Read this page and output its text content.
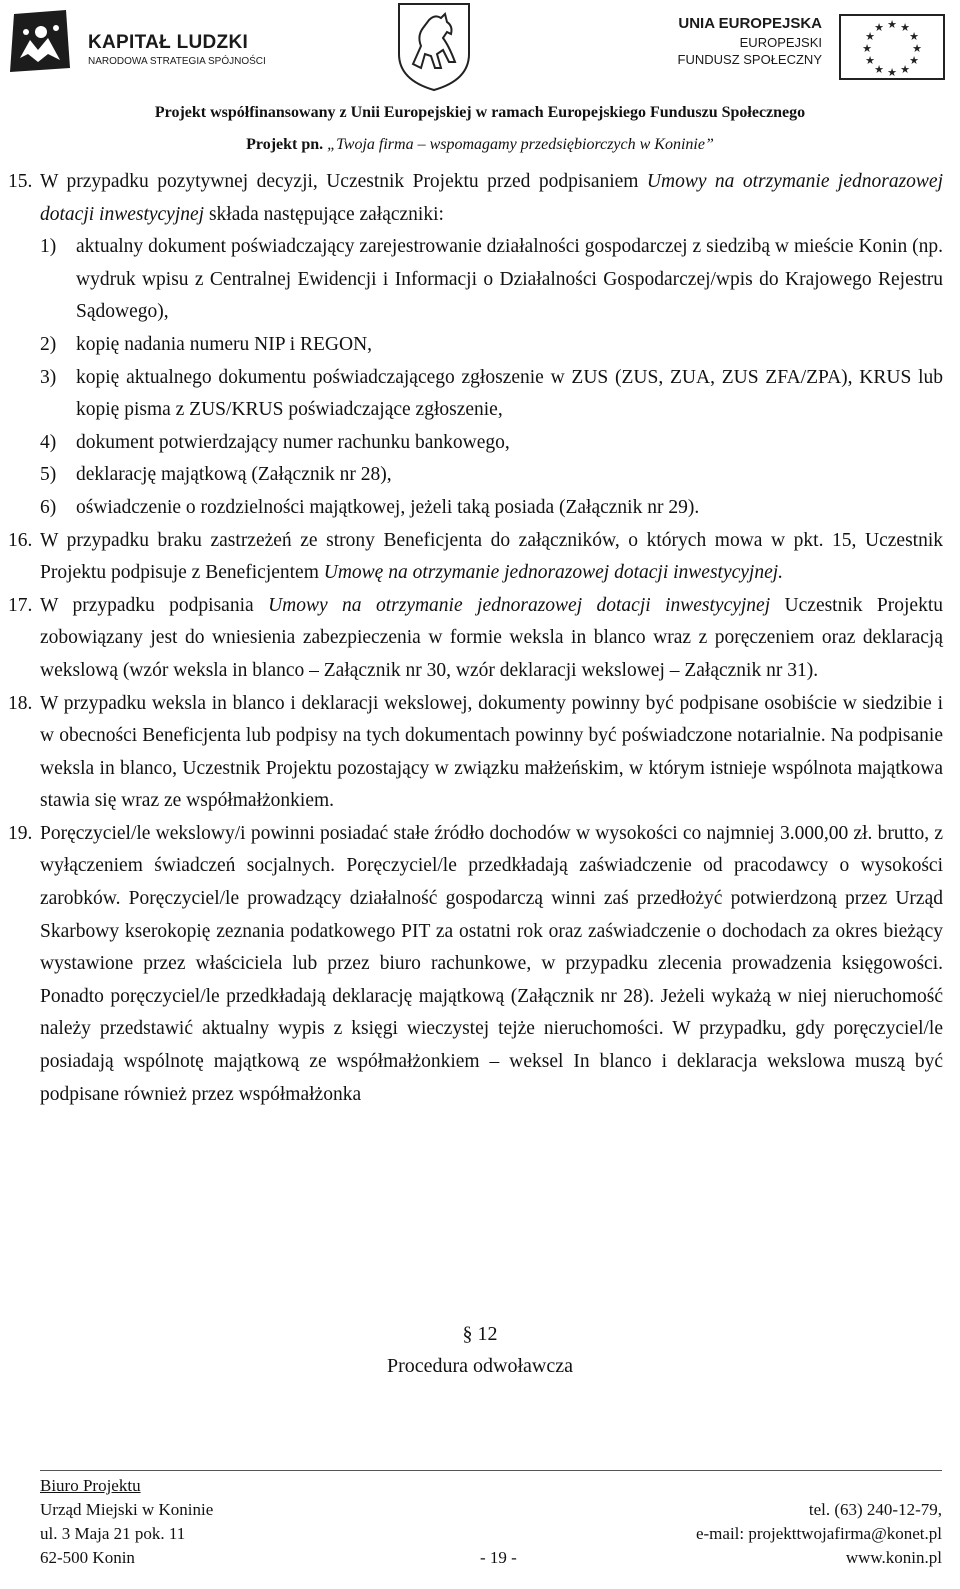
KAPITAŁ LUDZKI
NARODOWA STRATEGIA SPÓJNOŚCI
UNIA EUROPEJSKA
EUROPEJSKI
FUNDUSZ SPOŁECZNY
★ ★
★
★
★
★
★
★
★
★
★
★
Projekt współfinansowany z Unii Europejskiej w ramach Europejskiego Funduszu Społecznego
Projekt pn. „Twoja firma – wspomagamy przedsiębiorczych w Koninie”
15. W przypadku pozytywnej decyzji, Uczestnik Projektu przed podpisaniem Umowy na otrzymanie jednorazowej dotacji inwestycyjnej składa następujące załączniki:
1) aktualny dokument poświadczający zarejestrowanie działalności gospodarczej z siedzibą w mieście Konin (np. wydruk wpisu z Centralnej Ewidencji i Informacji o Działalności Gospodarczej/wpis do Krajowego Rejestru Sądowego),
2) kopię nadania numeru NIP i REGON,
3) kopię aktualnego dokumentu poświadczającego zgłoszenie w ZUS (ZUS, ZUA, ZUS ZFA/ZPA), KRUS lub kopię pisma z ZUS/KRUS poświadczające zgłoszenie,
4) dokument potwierdzający numer rachunku bankowego,
5) deklarację majątkową (Załącznik nr 28),
6) oświadczenie o rozdzielności majątkowej, jeżeli taką posiada (Załącznik nr 29).
16. W przypadku braku zastrzeżeń ze strony Beneficjenta do załączników, o których mowa w pkt. 15, Uczestnik Projektu podpisuje z Beneficjentem Umowę na otrzymanie jednorazowej dotacji inwestycyjnej.
17. W przypadku podpisania Umowy na otrzymanie jednorazowej dotacji inwestycyjnej Uczestnik Projektu zobowiązany jest do wniesienia zabezpieczenia w formie weksla in blanco wraz z poręczeniem oraz deklaracją wekslową (wzór weksla in blanco – Załącznik nr 30, wzór deklaracji wekslowej – Załącznik nr 31).
18. W przypadku weksla in blanco i deklaracji wekslowej, dokumenty powinny być podpisane osobiście w siedzibie i w obecności Beneficjenta lub podpisy na tych dokumentach powinny być poświadczone notarialnie. Na podpisanie weksla in blanco, Uczestnik Projektu pozostający w związku małżeńskim, w którym istnieje wspólnota majątkowa stawia się wraz ze współmałżonkiem.
19. Poręczyciel/le wekslowy/i powinni posiadać stałe źródło dochodów w wysokości co najmniej 3.000,00 zł. brutto, z wyłączeniem świadczeń socjalnych. Poręczyciel/le przedkładają zaświadczenie od pracodawcy o wysokości zarobków. Poręczyciel/le prowadzący działalność gospodarczą winni zaś przedłożyć potwierdzoną przez Urząd Skarbowy kserokopię zeznania podatkowego PIT za ostatni rok oraz zaświadczenie o dochodach za okres bieżący wystawione przez właściciela lub przez biuro rachunkowe, w przypadku zlecenia prowadzenia księgowości. Ponadto poręczyciel/le przedkładają deklarację majątkową (Załącznik nr 28). Jeżeli wykażą w niej nieruchomość należy przedstawić aktualny wypis z księgi wieczystej tejże nieruchomości. W przypadku, gdy poręczyciel/le posiadają wspólnotę majątkową ze współmałżonkiem – weksel In blanco i deklaracja wekslowa muszą być podpisane również przez współmałżonka
§ 12
Procedura odwoławcza
Biuro Projektu
Urząd Miejski w Koninie
ul. 3 Maja 21 pok. 11
62-500 Konin	- 19 -
tel. (63) 240-12-79,
e-mail: projekttwojafirma@konet.pl
www.konin.pl
